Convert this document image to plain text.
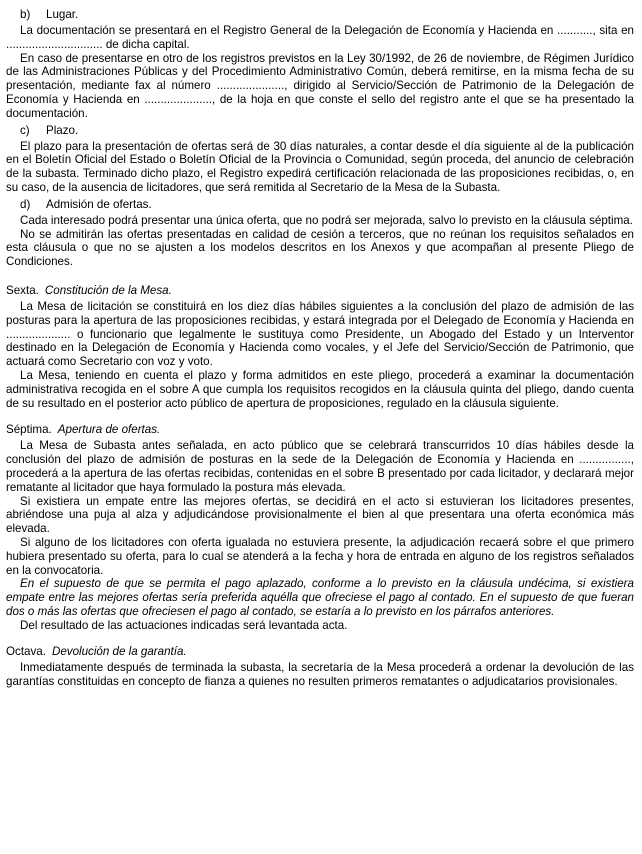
b)	Lugar.

La documentación se presentará en el Registro General de la Delegación de Economía y Hacienda en ..........., sita en .............................. de dicha capital.

En caso de presentarse en otro de los registros previstos en la Ley 30/1992, de 26 de noviembre, de Régimen Jurídico de las Administraciones Públicas y del Procedimiento Administrativo Común, deberá remitirse, en la misma fecha de su presentación, mediante fax al número ....................., dirigido al Servicio/Sección de Patrimonio de la Delegación de Economía y Hacienda en ....................., de la hoja en que conste el sello del registro ante el que se ha presentado la documentación.

c)	Plazo.

El plazo para la presentación de ofertas será de 30 días naturales, a contar desde el día siguiente al de la publicación en el Boletín Oficial del Estado o Boletín Oficial de la Provincia o Comunidad, según proceda, del anuncio de celebración de la subasta. Terminado dicho plazo, el Registro expedirá certificación relacionada de las proposiciones recibidas, o, en su caso, de la ausencia de licitadores, que será remitida al Secretario de la Mesa de la Subasta.

d)	Admisión de ofertas.

Cada interesado podrá presentar una única oferta, que no podrá ser mejorada, salvo lo previsto en la cláusula séptima.

No se admitirán las ofertas presentadas en calidad de cesión a terceros, que no reúnan los requisitos señalados en esta cláusula o que no se ajusten a los modelos descritos en los Anexos y que acompañan al presente Pliego de Condiciones.

Sexta. Constitución de la Mesa.

La Mesa de licitación se constituirá en los diez días hábiles siguientes a la conclusión del plazo de admisión de las posturas para la apertura de las proposiciones recibidas, y estará integrada por el Delegado de Economía y Hacienda en .................... o funcionario que legalmente le sustituya como Presidente, un Abogado del Estado y un Interventor destinado en la Delegación de Economía y Hacienda como vocales, y el Jefe del Servicio/Sección de Patrimonio, que actuará como Secretario con voz y voto.

La Mesa, teniendo en cuenta el plazo y forma admitidos en este pliego, procederá a examinar la documentación administrativa recogida en el sobre A que cumpla los requisitos recogidos en la cláusula quinta del pliego, dando cuenta de su resultado en el posterior acto público de apertura de proposiciones, regulado en la cláusula siguiente.

Séptima. Apertura de ofertas.

La Mesa de Subasta antes señalada, en acto público que se celebrará transcurridos 10 días hábiles desde la conclusión del plazo de admisión de posturas en la sede de la Delegación de Economía y Hacienda en ................, procederá a la apertura de las ofertas recibidas, contenidas en el sobre B presentado por cada licitador, y declarará mejor rematante al licitador que haya formulado la postura más elevada.

Si existiera un empate entre las mejores ofertas, se decidirá en el acto si estuvieran los licitadores presentes, abriéndose una puja al alza y adjudicándose provisionalmente el bien al que presentara una oferta económica más elevada.

Si alguno de los licitadores con oferta igualada no estuviera presente, la adjudicación recaerá sobre el que primero hubiera presentado su oferta, para lo cual se atenderá a la fecha y hora de entrada en alguno de los registros señalados en la convocatoria.

En el supuesto de que se permita el pago aplazado, conforme a lo previsto en la cláusula undécima, si existiera empate entre las mejores ofertas sería preferida aquélla que ofreciese el pago al contado. En el supuesto de que fueran dos o más las ofertas que ofreciesen el pago al contado, se estaría a lo previsto en los párrafos anteriores.

Del resultado de las actuaciones indicadas será levantada acta.

Octava. Devolución de la garantía.

Inmediatamente después de terminada la subasta, la secretaría de la Mesa procederá a ordenar la devolución de las garantías constituidas en concepto de fianza a quienes no resulten primeros rematantes o adjudicatarios provisionales.
